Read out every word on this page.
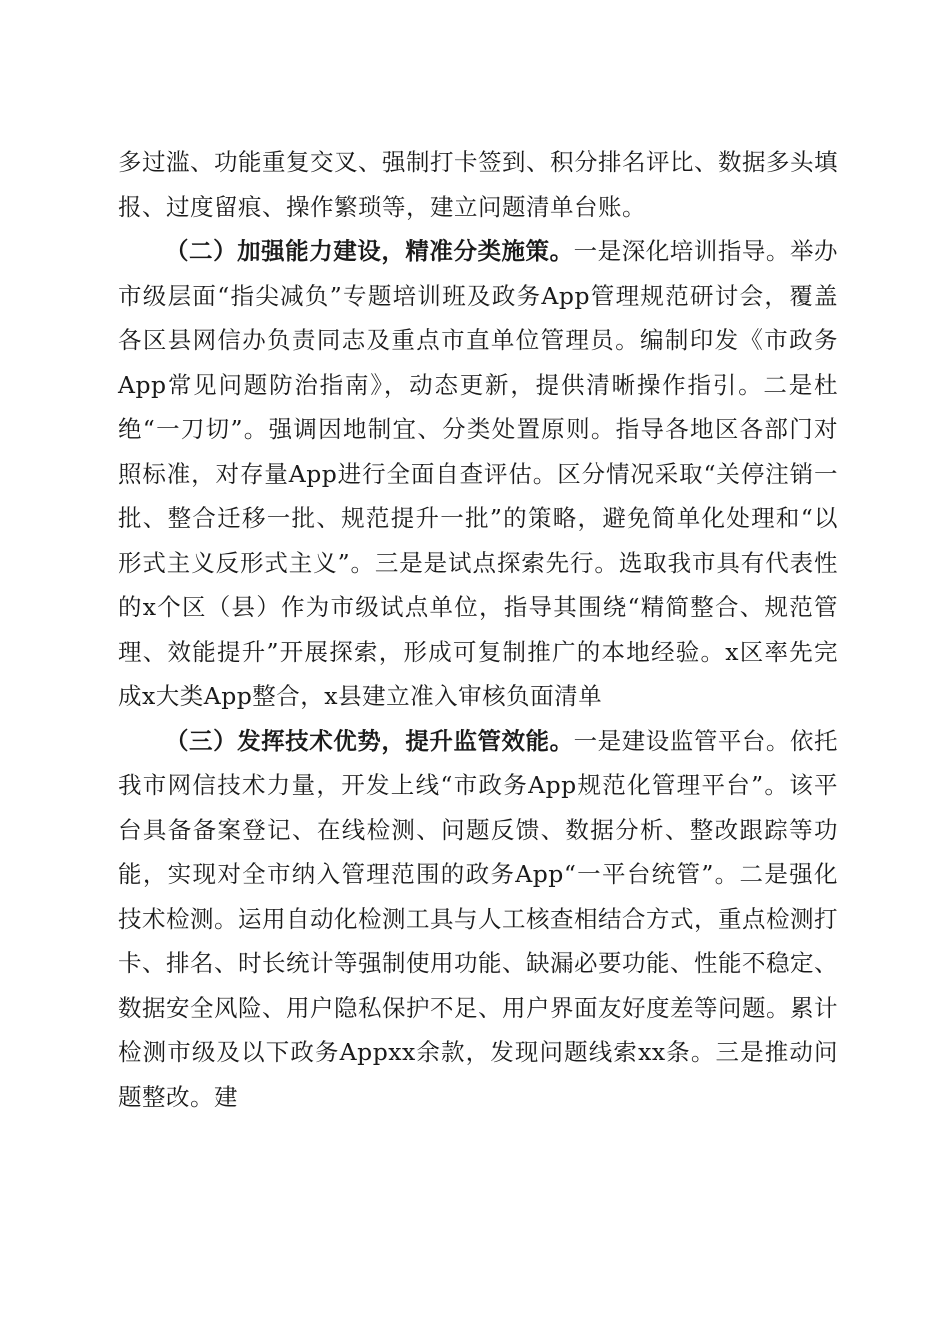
多过滥、功能重复交叉、强制打卡签到、积分排名评比、数据多头填报、过度留痕、操作繁琐等，建立问题清单台账。

（二）加强能力建设，精准分类施策。一是深化培训指导。举办市级层面“指尖减负”专题培训班及政务App管理规范研讨会，覆盖各区县网信办负责同志及重点市直单位管理员。编制印发《市政务App常见问题防治指南》，动态更新，提供清晰操作指引。二是杜绝“一刀切”。强调因地制宜、分类处置原则。指导各地区各部门对照标准，对存量App进行全面自查评估。区分情况采取“关停注销一批、整合迁移一批、规范提升一批”的策略，避免简单化处理和“以形式主义反形式主义”。三是是试点探索先行。选取我市具有代表性的x个区（县）作为市级试点单位，指导其围绕“精简整合、规范管理、效能提升”开展探索，形成可复制推广的本地经验。x区率先完成x大类App整合，x县建立准入审核负面清单

（三）发挥技术优势，提升监管效能。一是建设监管平台。依托我市网信技术力量，开发上线“市政务App规范化管理平台”。该平台具备备案登记、在线检测、问题反馈、数据分析、整改跟踪等功能，实现对全市纳入管理范围的政务App“一平台统管”。二是强化技术检测。运用自动化检测工具与人工核查相结合方式，重点检测打卡、排名、时长统计等强制使用功能、缺漏必要功能、性能不稳定、数据安全风险、用户隐私保护不足、用户界面友好度差等问题。累计检测市级及以下政务Appxx余款，发现问题线索xx条。三是推动问题整改。建
